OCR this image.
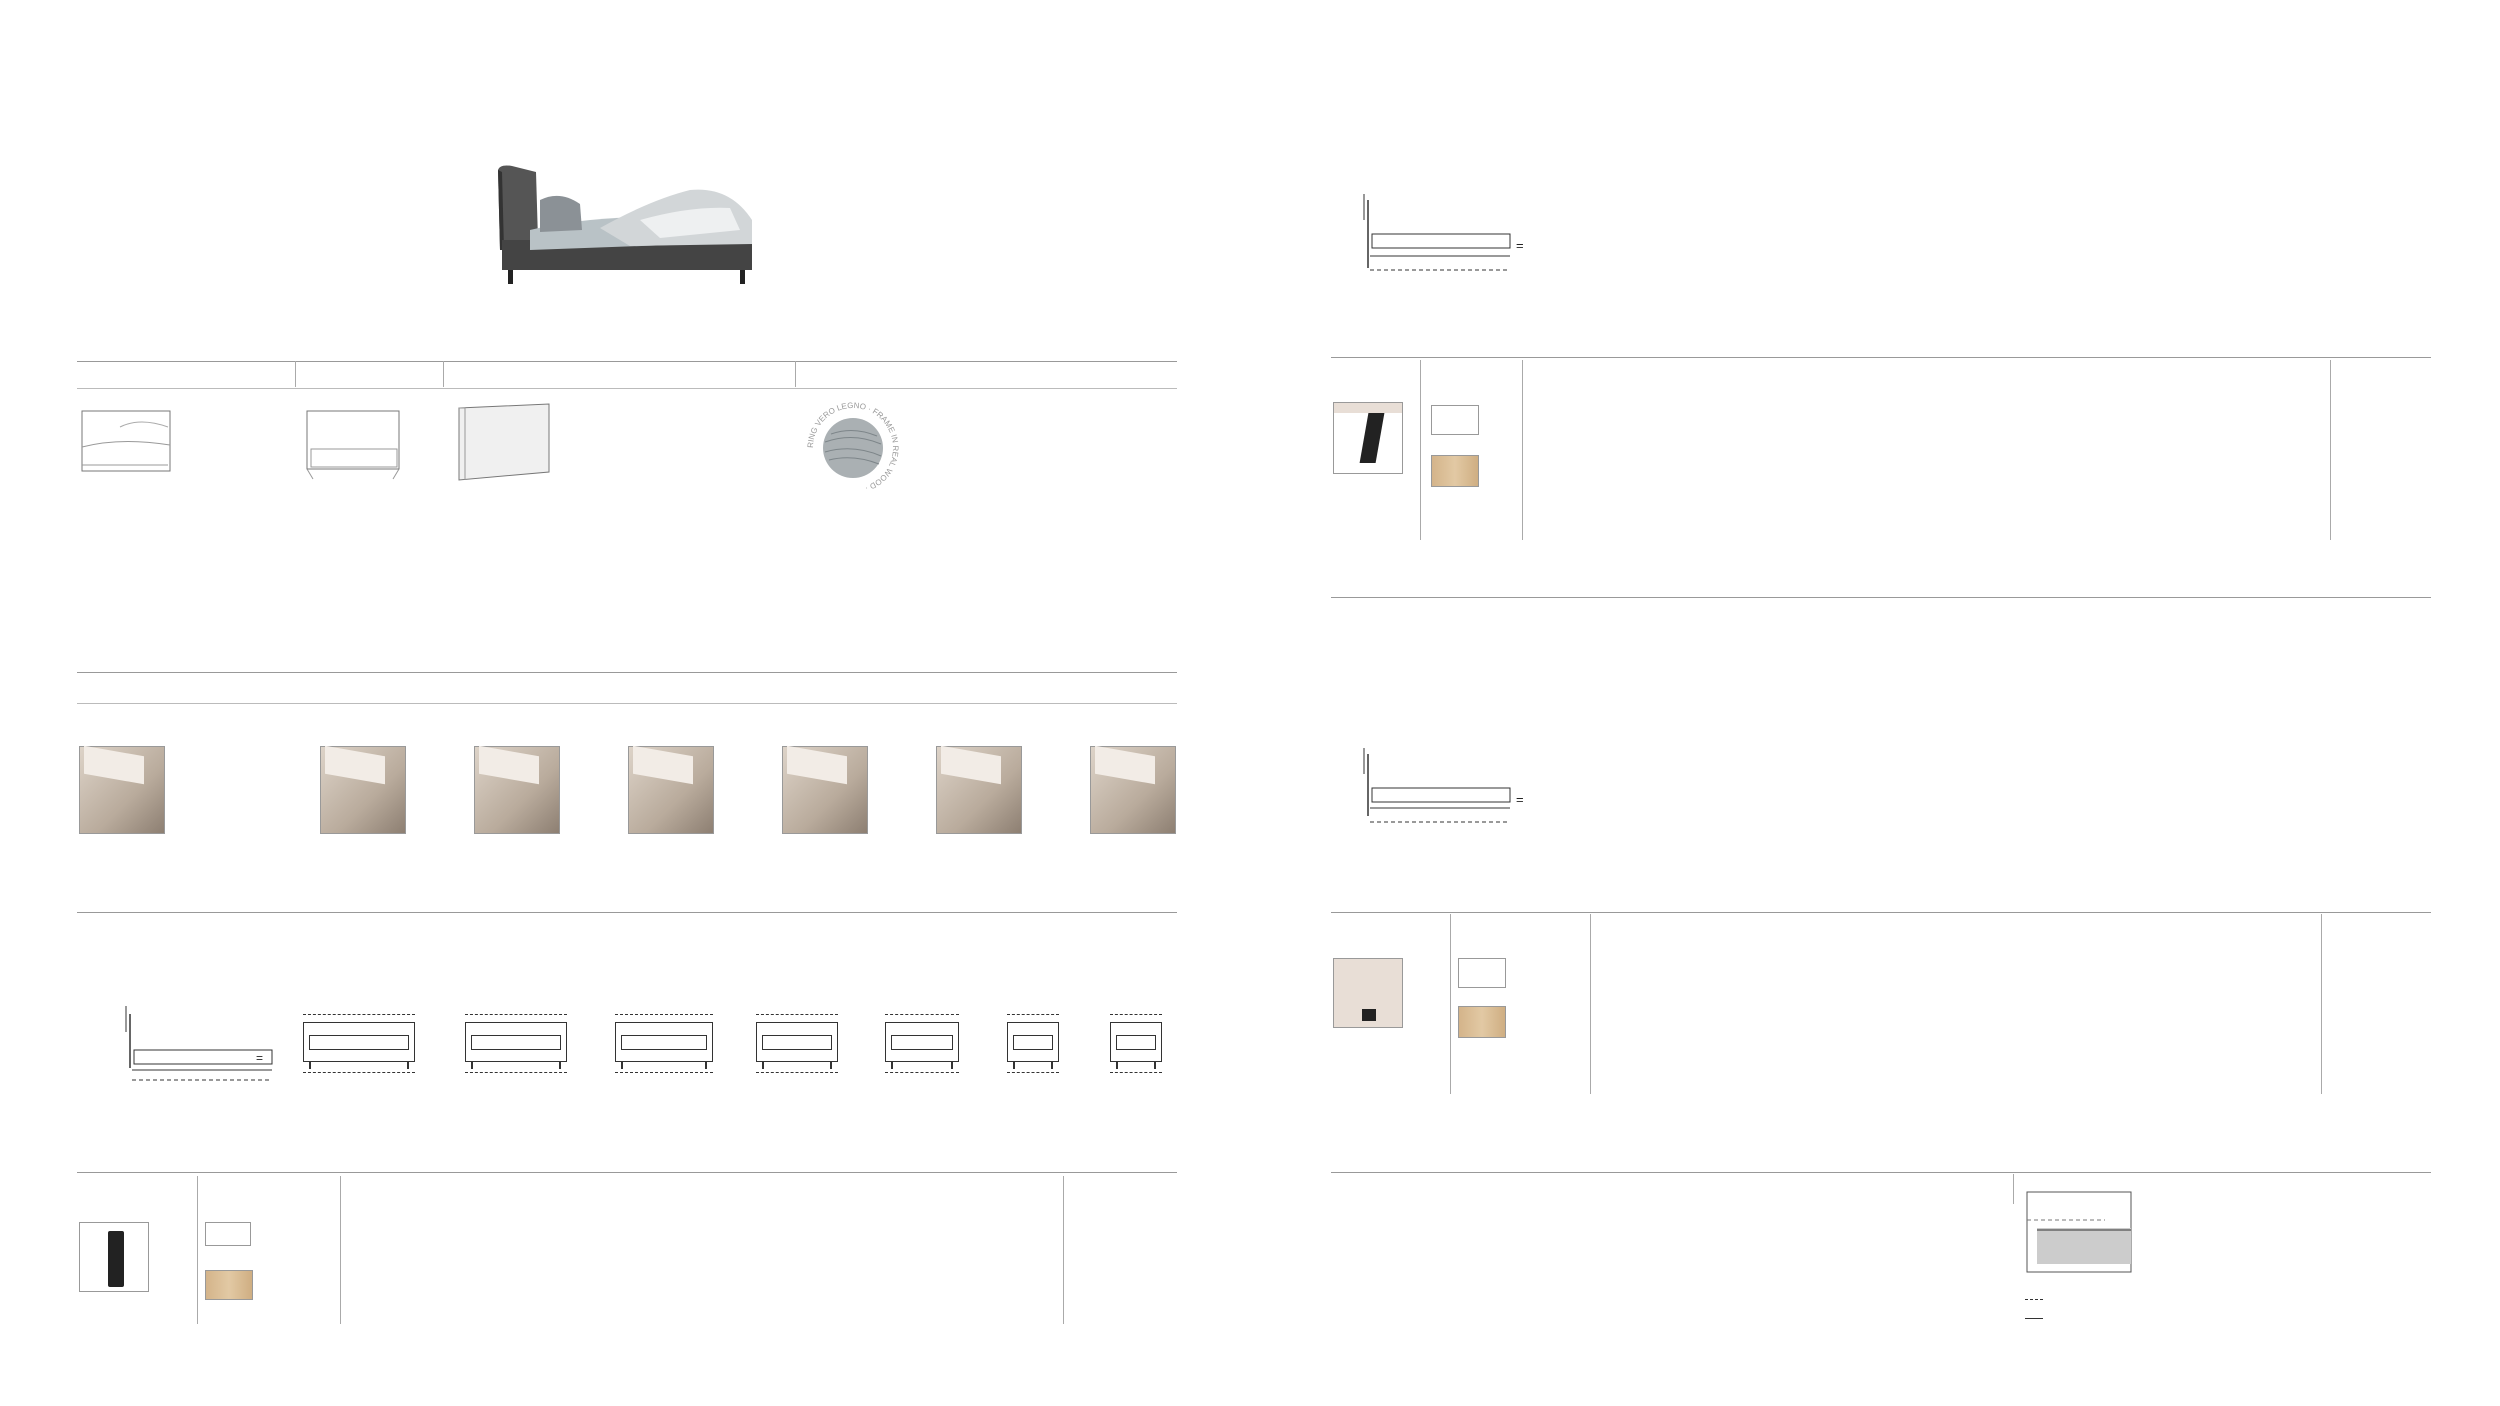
RING VERO LEGNO · FRAME IN REAL WOOD ·
=
=
=
